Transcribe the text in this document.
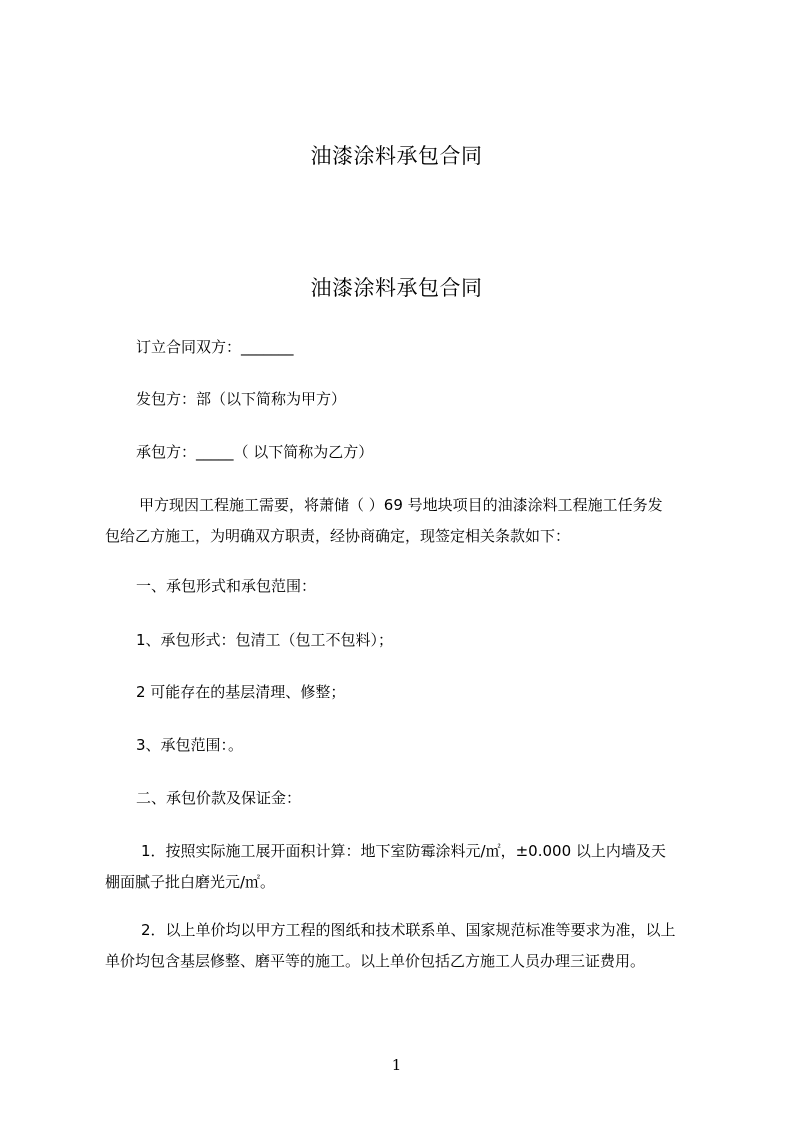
油漆涂料承包合同
油漆涂料承包合同
订立合同双方：_______
发包方：部（以下简称为甲方）
承包方：_____（ 以下简称为乙方）
甲方现因工程施工需要，将萧储（ ）69 号地块项目的油漆涂料工程施工任务发
包给乙方施工，为明确双方职责，经协商确定，现签定相关条款如下：
一、承包形式和承包范围：
1、承包形式：包清工（包工不包料）；
2 可能存在的基层清理、修整；
3、承包范围：。
二、承包价款及保证金：
1．按照实际施工展开面积计算：地下室防霉涂料元/㎡，±0.000 以上内墙及天
棚面腻子批白磨光元/㎡。
2．以上单价均以甲方工程的图纸和技术联系单、国家规范标准等要求为准，以上
单价均包含基层修整、磨平等的施工。以上单价包括乙方施工人员办理三证费用。
1
